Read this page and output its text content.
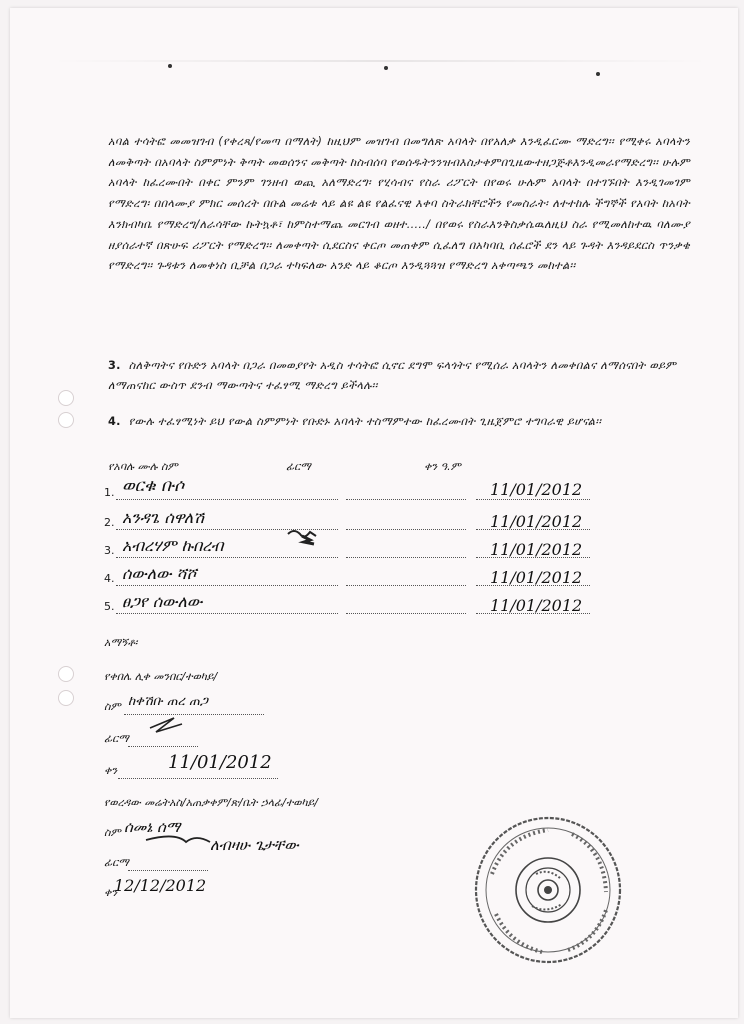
አባል ተሳትፎ መመዝገብ (የቀረጻ/የመጣ በማለት) ከዚህም መዝገብ በመግለጽ አባላት በየአለቃ እንዲፈርሙ ማድረግ፡፡ የሚቀሩ አባላትን ለመቅጣት በአባላት ስምምነት ቅጣት መወሰንና መቅጣት ከስብሰባ የወሰዱትንንዝብእስታቀምበጊዜውተዘጋጅቶእንዲመራየማድረግ፡፡ ሁሉም አባላት ከፈረሙበት በቀር ምንም ገንዘብ ወጪ አለማድረግ፡ የሂሳብና የስራ ሪፖርት በየወሩ ሁሉም አባላት በተገኙበት እንዲገመገም የማድረግ፡ በበላሙያ ምክር መሰረት በቡል መሬቱ ላይ ልዩ ልዩ የልፈናዊ እቀባ ስትራክቸሮችን የመስራት፡ ለተተከሉ ችግኞች የአባት ከአባት እንክብካቤ የማድረግ/ለራሳቸው ኩትኳቶ፣ ከምስተማጨ መርገብ ወዘተ...../ በየወሩ የስራእንቅስቃሴዉለዚህ ስራ የሚመለከተዉ ባለሙያ ዘያሰራተኛ በጽሁፍ ሪፖርት የማድረግ፡፡ ለመቀጣት ሲደርስና ቀርጦ መጠቀም ሲፈለግ በአካባቢ ሰፈሮች ደን ላይ ጉዳት እንዳይደርስ ጥንቃቄ የማድረግ፡፡ ጉዳቱን ለመቀነስ ቢቻል በጋራ ተካፍለው አንድ ላይ ቆርጦ እንዲጓጓዝ የማድረግ አቀጣጫን መከተል፡፡

3. ስለቅጣትና የቡድን አባላት በጋራ በመወያየት አዲስ ተሳትፎ ሲኖር ደግሞ ፍላጎትና የሚሰራ አባላትን ለመቀበልና ለማሰናበት ወይም ለማጠናከር ውስጥ ደንብ ማውጣትና ተፈፃሚ ማድረግ ይችላሉ፡፡
4. የውሉ ተፈፃሚነት ይህ የውል ስምምነት የቡድኑ አባላት ተስማምተው ከፈረሙበት ጊዜጀምሮ ተግባራዊ ይሆናል፡፡
የአባሉ ሙሉ ስም	ፊርማ	ቀን ዓ.ም
1. ወርቁ ቡሶ	11/01/2012
2. አንዳጌ ሰዋለሽ	11/01/2012
3. አብረሃም ኩበረብ	11/01/2012
4. ሰውለው ሻሾ	11/01/2012
5. ፀጋየ ሰውለው	11/01/2012
አማኝቶ፡
የቀበሌ ሊቀ መንበር/ተወካይ/
ስም ከቀሽቡ ጠረ ጠጋ
ፊርማ
ቀን	11/01/2012
የወረዳው መሬትአስ/አጠቃቀም/ጽ/ቤት ኃላፊ/ተወካይ/
ስም ሰመኔ ሰማ
ለብዛሁ ጌታቸው
ፊርማ
ቀን
12/12/2012
